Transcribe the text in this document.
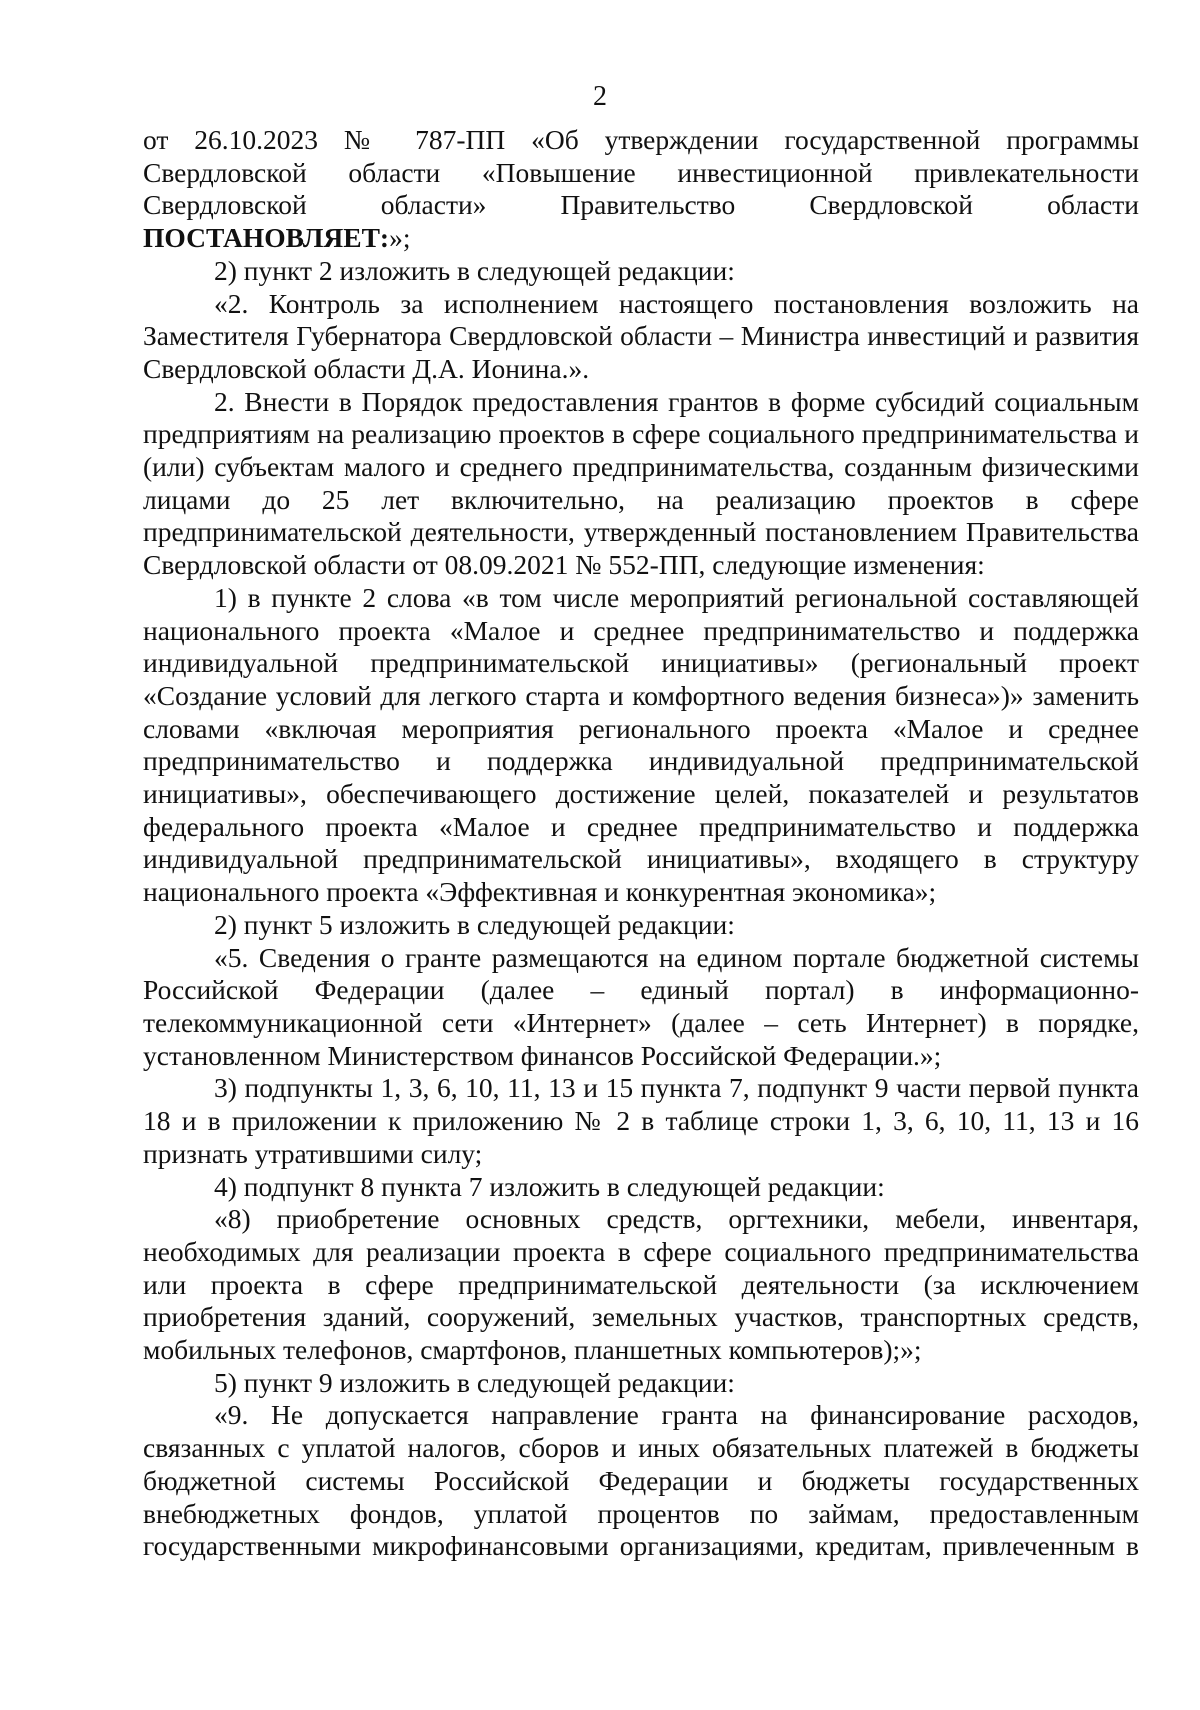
2

от 26.10.2023 № 787-ПП «Об утверждении государственной программы Свердловской области «Повышение инвестиционной привлекательности Свердловской области» Правительство Свердловской области ПОСТАНОВЛЯЕТ:»;

2) пункт 2 изложить в следующей редакции:

«2. Контроль за исполнением настоящего постановления возложить на Заместителя Губернатора Свердловской области – Министра инвестиций и развития Свердловской области Д.А. Ионина.».

2. Внести в Порядок предоставления грантов в форме субсидий социальным предприятиям на реализацию проектов в сфере социального предпринимательства и (или) субъектам малого и среднего предпринимательства, созданным физическими лицами до 25 лет включительно, на реализацию проектов в сфере предпринимательской деятельности, утвержденный постановлением Правительства Свердловской области от 08.09.2021 № 552-ПП, следующие изменения:

1) в пункте 2 слова «в том числе мероприятий региональной составляющей национального проекта «Малое и среднее предпринимательство и поддержка индивидуальной предпринимательской инициативы» (региональный проект «Создание условий для легкого старта и комфортного ведения бизнеса»)» заменить словами «включая мероприятия регионального проекта «Малое и среднее предпринимательство и поддержка индивидуальной предпринимательской инициативы», обеспечивающего достижение целей, показателей и результатов федерального проекта «Малое и среднее предпринимательство и поддержка индивидуальной предпринимательской инициативы», входящего в структуру национального проекта «Эффективная и конкурентная экономика»;

2) пункт 5 изложить в следующей редакции:

«5. Сведения о гранте размещаются на едином портале бюджетной системы Российской Федерации (далее – единый портал) в информационно-телекоммуникационной сети «Интернет» (далее – сеть Интернет) в порядке, установленном Министерством финансов Российской Федерации.»;

3) подпункты 1, 3, 6, 10, 11, 13 и 15 пункта 7, подпункт 9 части первой пункта 18 и в приложении к приложению № 2 в таблице строки 1, 3, 6, 10, 11, 13 и 16 признать утратившими силу;

4) подпункт 8 пункта 7 изложить в следующей редакции:

«8) приобретение основных средств, оргтехники, мебели, инвентаря, необходимых для реализации проекта в сфере социального предпринимательства или проекта в сфере предпринимательской деятельности (за исключением приобретения зданий, сооружений, земельных участков, транспортных средств, мобильных телефонов, смартфонов, планшетных компьютеров);»;

5) пункт 9 изложить в следующей редакции:

«9. Не допускается направление гранта на финансирование расходов, связанных с уплатой налогов, сборов и иных обязательных платежей в бюджеты бюджетной системы Российской Федерации и бюджеты государственных внебюджетных фондов, уплатой процентов по займам, предоставленным государственными микрофинансовыми организациями, кредитам, привлеченным в
